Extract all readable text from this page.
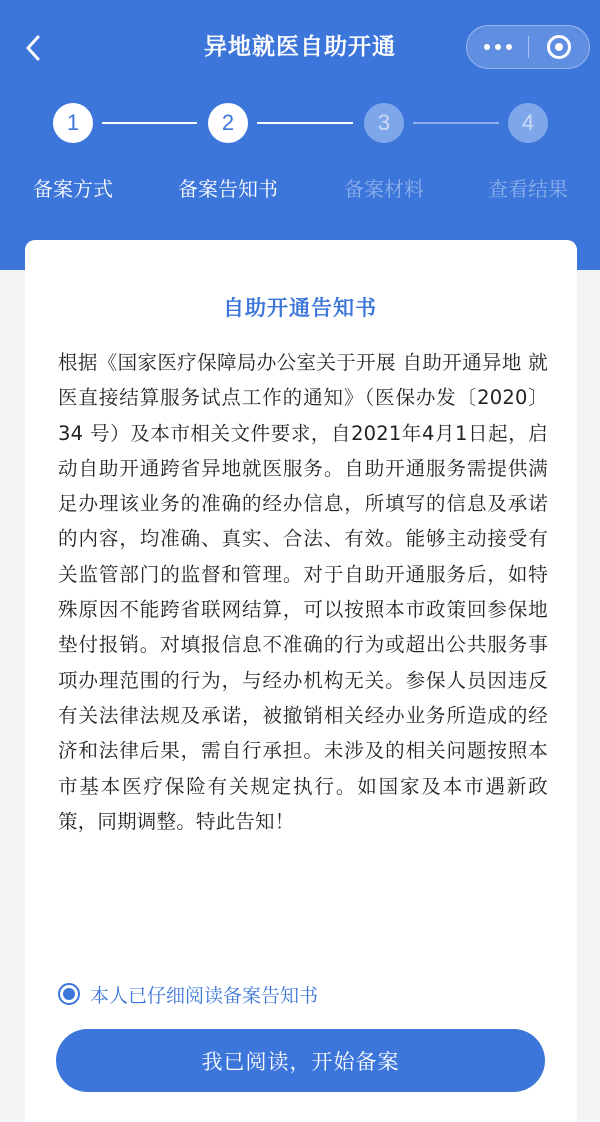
异地就医自助开通
1	2	3	4
备案方式	备案告知书	备案材料	查看结果
自助开通告知书
根据《国家医疗保障局办公室关于开展 自助开通异地 就医直接结算服务试点工作的通知》（医保办发〔2020〕34 号）及本市相关文件要求，自2021年4月1日起，启动自助开通跨省异地就医服务。自助开通服务需提供满足办理该业务的准确的经办信息，所填写的信息及承诺的内容，均准确、真实、合法、有效。能够主动接受有关监管部门的监督和管理。对于自助开通服务后，如特殊原因不能跨省联网结算，可以按照本市政策回参保地垫付报销。对填报信息不准确的行为或超出公共服务事项办理范围的行为，与经办机构无关。参保人员因违反有关法律法规及承诺，被撤销相关经办业务所造成的经济和法律后果，需自行承担。未涉及的相关问题按照本市基本医疗保险有关规定执行。如国家及本市遇新政策，同期调整。特此告知！
本人已仔细阅读备案告知书
我已阅读，开始备案
